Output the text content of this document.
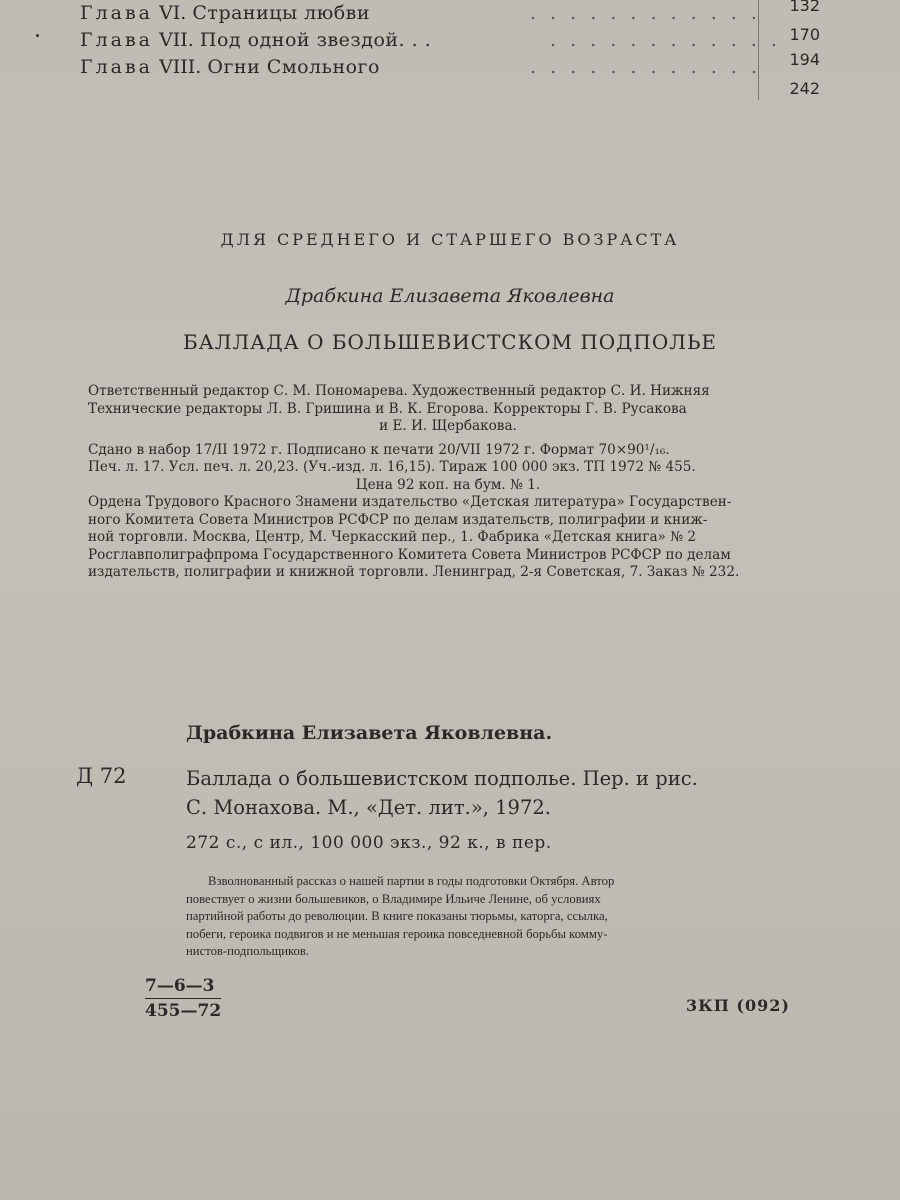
Глава VI. Страницы любви	. . . . . . . . . . . . 132
Глава VII. Под одной звездой. . .	. . . . . . . . . . . . 170
Глава VIII. Огни Смольного	. . . . . . . . . . . . 194
242
ДЛЯ СРЕДНЕГО И СТАРШЕГО ВОЗРАСТА
Драбкина Елизавета Яковлевна
БАЛЛАДА О БОЛЬШЕВИСТСКОМ ПОДПОЛЬЕ

Ответственный редактор С. М. Пономарева. Художественный редактор С. И. Нижняя

Технические редакторы Л. В. Гришина и В. К. Егорова. Корректоры Г. В. Русакова

и Е. И. Щербакова.

Сдано в набор 17/II 1972 г. Подписано к печати 20/VII 1972 г. Формат 70×90¹/₁₆.

Печ. л. 17. Усл. печ. л. 20,23. (Уч.-изд. л. 16,15). Тираж 100 000 экз. ТП 1972 № 455.

Цена 92 коп. на бум. № 1.

Ордена Трудового Красного Знамени издательство «Детская литература» Государствен-

ного Комитета Совета Министров РСФСР по делам издательств, полиграфии и книж-

ной торговли. Москва, Центр, М. Черкасский пер., 1. Фабрика «Детская книга» № 2

Росглавполиграфпрома Государственного Комитета Совета Министров РСФСР по делам

издательств, полиграфии и книжной торговли. Ленинград, 2-я Советская, 7. Заказ № 232.

Драбкина Елизавета Яковлевна.
Д 72	Баллада о большевистском подполье. Пер. и рис.

С. Монахова. М., «Дет. лит.», 1972.

272 с., с ил., 100 000 экз., 92 к., в пер.

Взволнованный рассказ о нашей партии в годы подготовки Октября. Автор

повествует о жизни большевиков, о Владимире Ильиче Ленине, об условиях

партийной работы до революции. В книге показаны тюрьмы, каторга, ссылка,

побеги, героика подвигов и не меньшая героика повседневной борьбы комму-

нистов-подпольщиков.

$\frac{7—6—3}{455—72}$	3КП (092)
